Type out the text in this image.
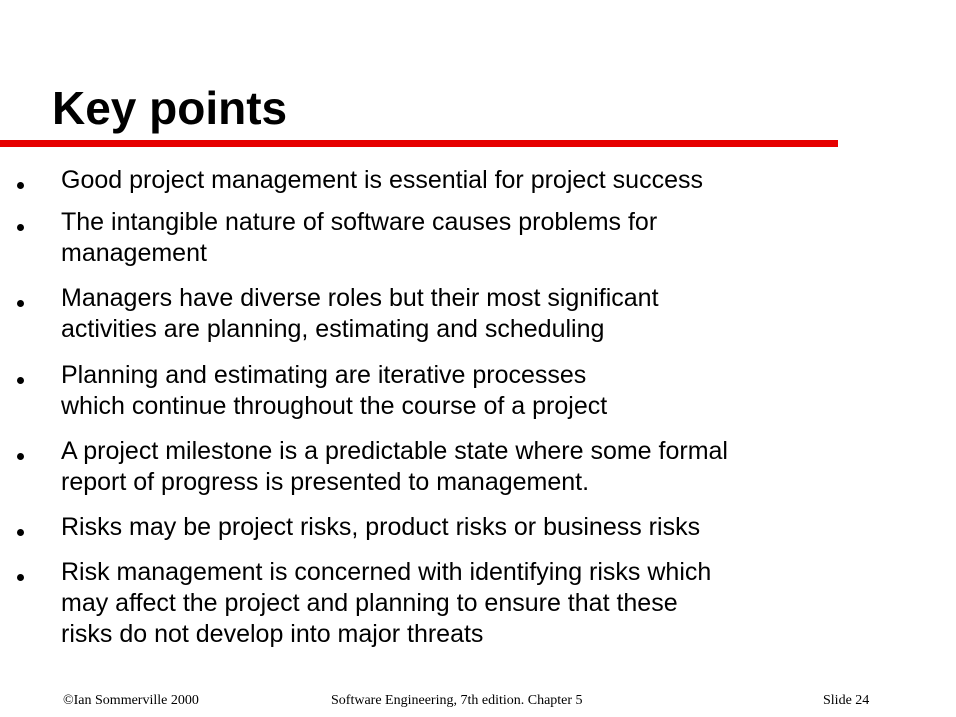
Key points
Good project management is essential for project success
The intangible nature of software causes problems for
management
Managers have diverse roles but their most significant
activities are planning, estimating and scheduling
Planning and estimating are iterative processes
which continue throughout the course of a project
A project milestone is a predictable state where some formal
report of progress is presented to management.
Risks may be project risks, product risks or business risks
Risk management is concerned with identifying risks which
may affect the project and planning to ensure that these
risks do not develop into major threats
©Ian Sommerville 2000	Software Engineering, 7th edition. Chapter 5	Slide 24
